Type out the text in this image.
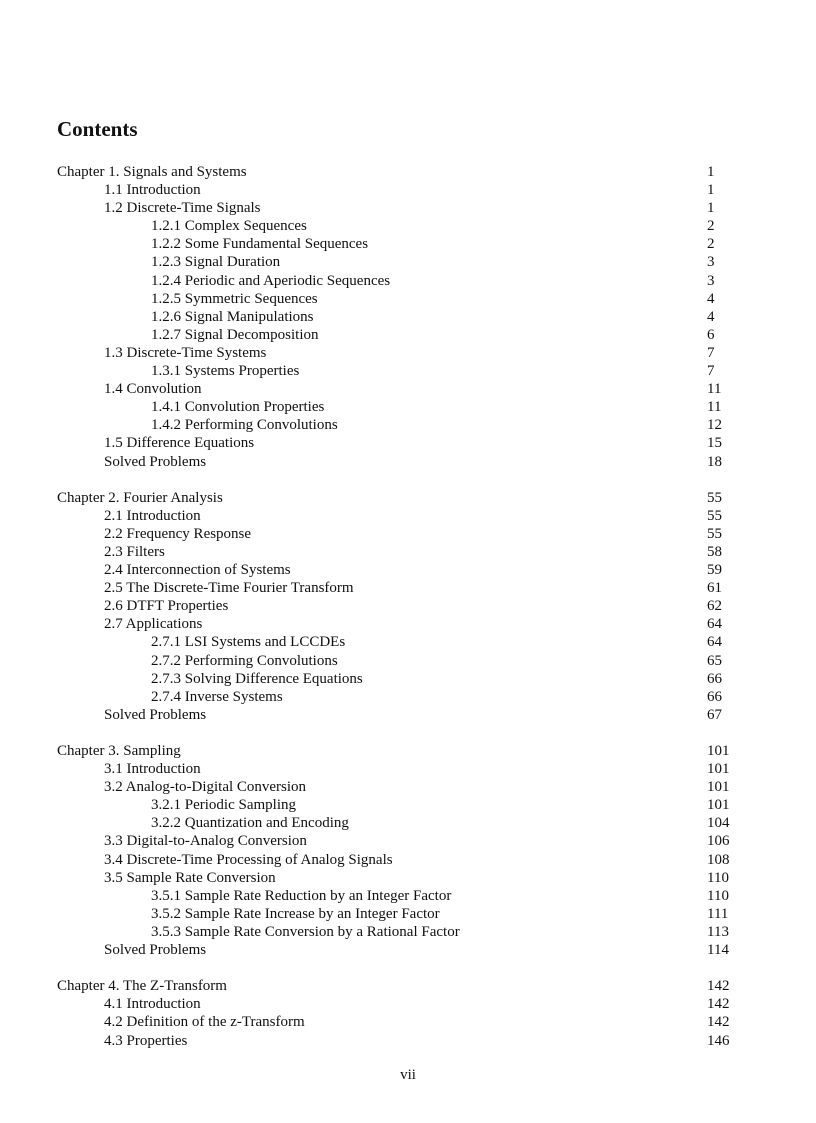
Contents
Chapter 1. Signals and Systems	1
1.1 Introduction	1
1.2 Discrete-Time Signals	1
1.2.1 Complex Sequences	2
1.2.2 Some Fundamental Sequences	2
1.2.3 Signal Duration	3
1.2.4 Periodic and Aperiodic Sequences	3
1.2.5 Symmetric Sequences	4
1.2.6 Signal Manipulations	4
1.2.7 Signal Decomposition	6
1.3 Discrete-Time Systems	7
1.3.1 Systems Properties	7
1.4 Convolution	11
1.4.1 Convolution Properties	11
1.4.2 Performing Convolutions	12
1.5 Difference Equations	15
Solved Problems	18
Chapter 2. Fourier Analysis	55
2.1 Introduction	55
2.2 Frequency Response	55
2.3 Filters	58
2.4 Interconnection of Systems	59
2.5 The Discrete-Time Fourier Transform	61
2.6 DTFT Properties	62
2.7 Applications	64
2.7.1 LSI Systems and LCCDEs	64
2.7.2 Performing Convolutions	65
2.7.3 Solving Difference Equations	66
2.7.4 Inverse Systems	66
Solved Problems	67
Chapter 3. Sampling	101
3.1 Introduction	101
3.2 Analog-to-Digital Conversion	101
3.2.1 Periodic Sampling	101
3.2.2 Quantization and Encoding	104
3.3 Digital-to-Analog Conversion	106
3.4 Discrete-Time Processing of Analog Signals	108
3.5 Sample Rate Conversion	110
3.5.1 Sample Rate Reduction by an Integer Factor	110
3.5.2 Sample Rate Increase by an Integer Factor	111
3.5.3 Sample Rate Conversion by a Rational Factor	113
Solved Problems	114
Chapter 4. The Z-Transform	142
4.1 Introduction	142
4.2 Definition of the z-Transform	142
4.3 Properties	146
vii
